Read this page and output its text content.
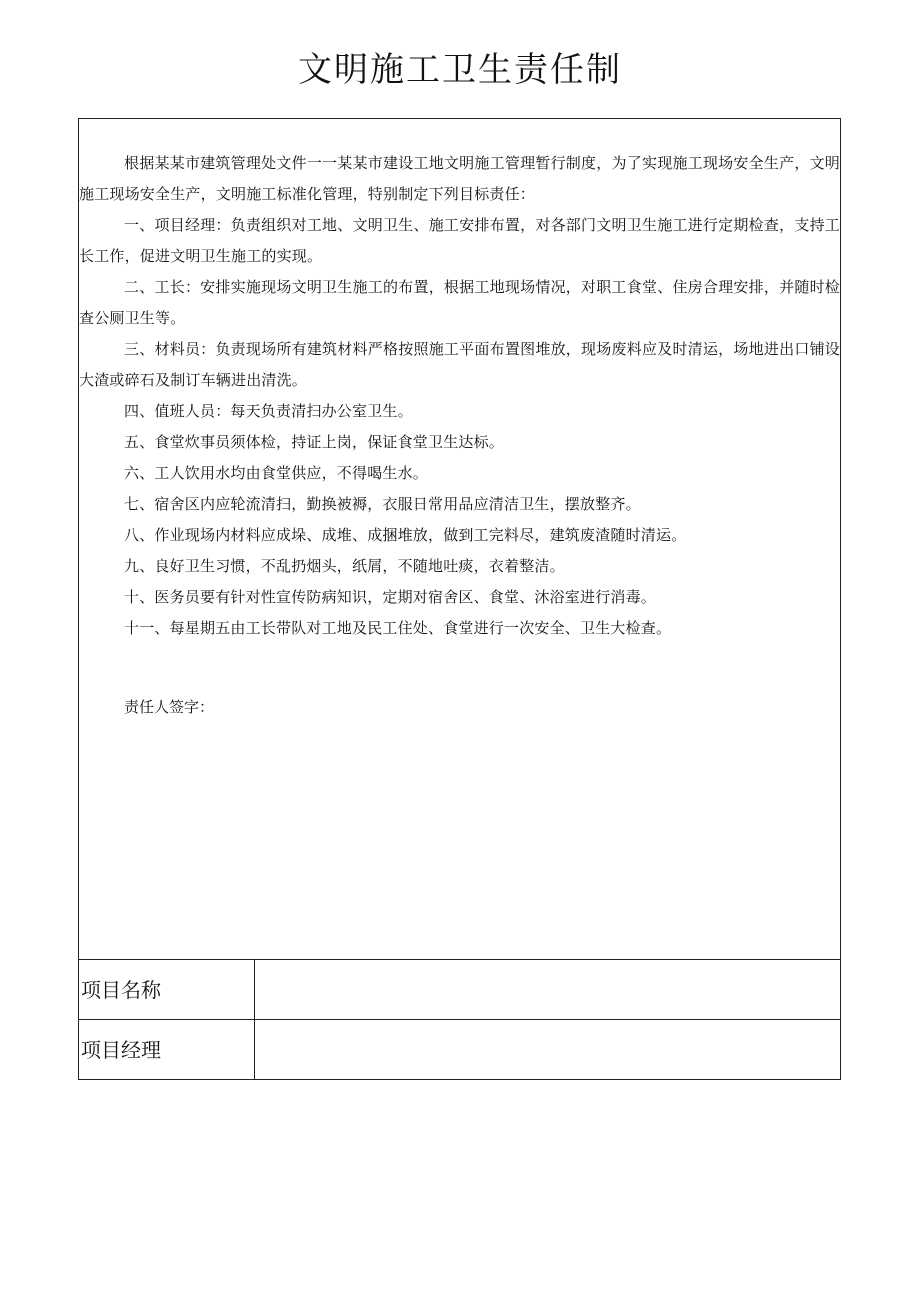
文明施工卫生责任制

根据某某市建筑管理处文件一一某某市建设工地文明施工管理暂行制度，为了实现施工现场安全生产，文明施工现场安全生产，文明施工标准化管理，特别制定下列目标责任：

一、项目经理：负责组织对工地、文明卫生、施工安排布置，对各部门文明卫生施工进行定期检查，支持工长工作，促进文明卫生施工的实现。

二、工长：安排实施现场文明卫生施工的布置，根据工地现场情况，对职工食堂、住房合理安排，并随时检查公厕卫生等。

三、材料员：负责现场所有建筑材料严格按照施工平面布置图堆放，现场废料应及时清运，场地进出口铺设大渣或碎石及制订车辆进出清洗。

四、值班人员：每天负责清扫办公室卫生。

五、食堂炊事员须体检，持证上岗，保证食堂卫生达标。

六、工人饮用水均由食堂供应，不得喝生水。

七、宿舍区内应轮流清扫，勤换被褥，衣服日常用品应清洁卫生，摆放整齐。

八、作业现场内材料应成垛、成堆、成捆堆放，做到工完料尽，建筑废渣随时清运。

九、良好卫生习惯，不乱扔烟头，纸屑，不随地吐痰，衣着整洁。

十、医务员要有针对性宣传防病知识，定期对宿舍区、食堂、沐浴室进行消毒。

十一、每星期五由工长带队对工地及民工住处、食堂进行一次安全、卫生大检查。

责任人签字：
项目名称
项目经理
